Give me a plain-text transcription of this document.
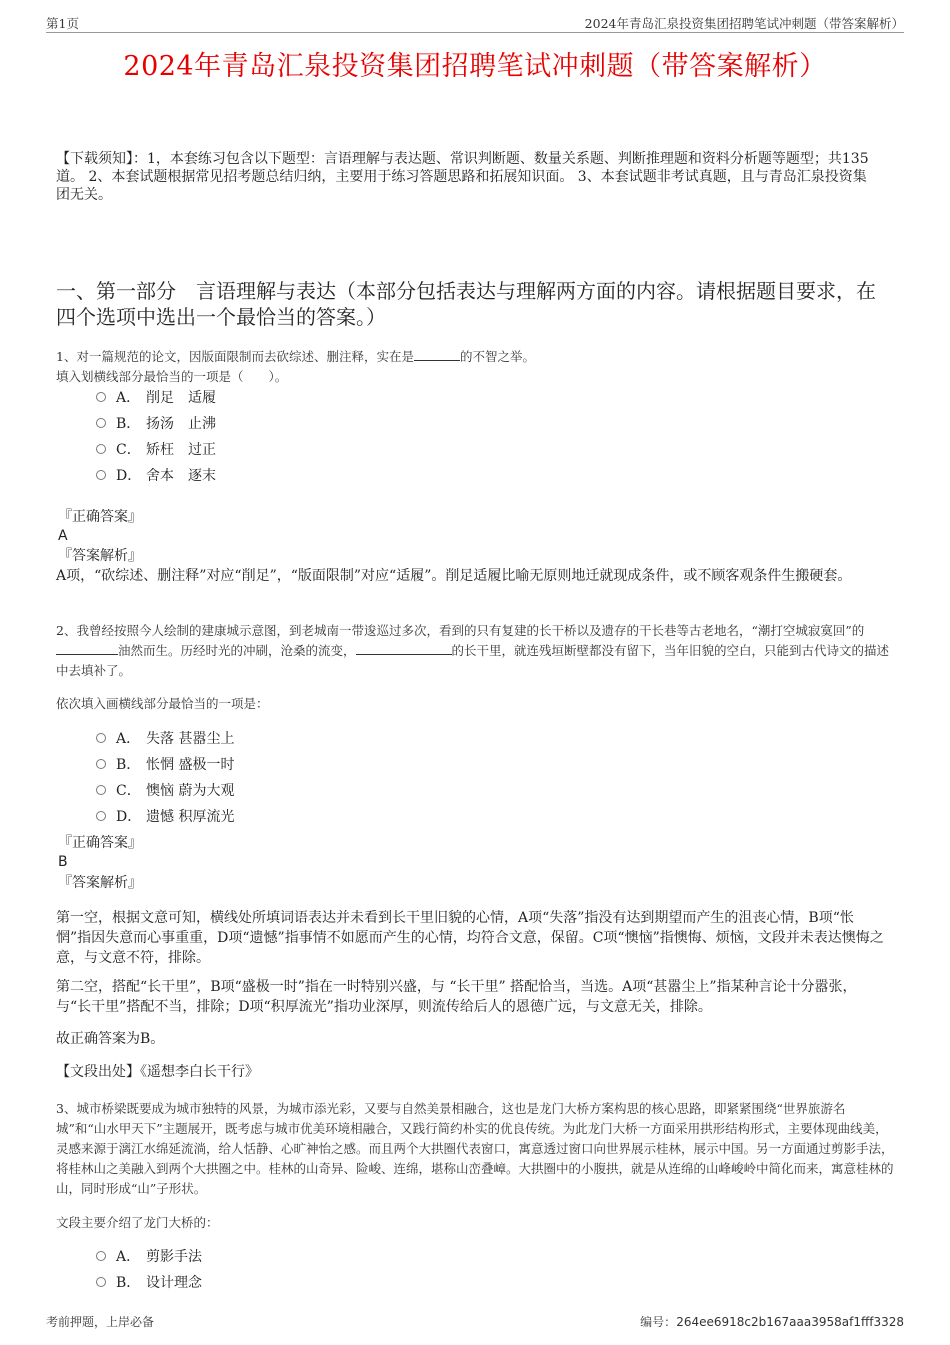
第1页	2024年青岛汇泉投资集团招聘笔试冲刺题（带答案解析）
2024年青岛汇泉投资集团招聘笔试冲刺题（带答案解析）
【下载须知】：1，本套练习包含以下题型：言语理解与表达题、常识判断题、数量关系题、判断推理题和资料分析题等题型；共135道。 2、本套试题根据常见招考题总结归纳，主要用于练习答题思路和拓展知识面。 3、本套试题非考试真题，且与青岛汇泉投资集团无关。
一、第一部分　言语理解与表达（本部分包括表达与理解两方面的内容。请根据题目要求，在四个选项中选出一个最恰当的答案。）
1、对一篇规范的论文，因版面限制而去砍综述、删注释，实在是	的不智之举。
填入划横线部分最恰当的一项是（　　）。
A． 削足　适履
B． 扬汤　止沸
C． 矫枉　过正
D． 舍本　逐末
『正确答案』
A
『答案解析』
A项，“砍综述、删注释”对应“削足”，“版面限制”对应“适履”。削足适履比喻无原则地迁就现成条件，或不顾客观条件生搬硬套。
2、我曾经按照今人绘制的建康城示意图，到老城南一带逡巡过多次，看到的只有复建的长干桥以及遗存的干长巷等古老地名，“潮打空城寂寞回”的油然而生。历经时光的冲刷，沧桑的流变，	的长干里，就连残垣断壁都没有留下，当年旧貌的空白，只能到古代诗文的描述中去填补了。
依次填入画横线部分最恰当的一项是：
A． 失落 甚嚣尘上
B． 怅惘 盛极一时
C． 懊恼 蔚为大观
D． 遗憾 积厚流光
『正确答案』
B
『答案解析』
第一空，根据文意可知，横线处所填词语表达并未看到长干里旧貌的心情，A项“失落”指没有达到期望而产生的沮丧心情，B项“怅惘”指因失意而心事重重，D项“遗憾”指事情不如愿而产生的心情，均符合文意，保留。C项“懊恼”指懊悔、烦恼，文段并未表达懊悔之意，与文意不符，排除。
第二空，搭配“长干里”，B项“盛极一时”指在一时特别兴盛，与 “长干里” 搭配恰当，当选。A项“甚嚣尘上”指某种言论十分嚣张，与“长干里”搭配不当，排除；D项“积厚流光”指功业深厚，则流传给后人的恩德广远，与文意无关，排除。
故正确答案为B。
【文段出处】《遥想李白长干行》
3、城市桥梁既要成为城市独特的风景，为城市添光彩，又要与自然美景相融合，这也是龙门大桥方案构思的核心思路，即紧紧围绕“世界旅游名城”和“山水甲天下”主题展开，既考虑与城市优美环境相融合，又践行简约朴实的优良传统。为此龙门大桥一方面采用拱形结构形式，主要体现曲线美，灵感来源于漓江水绵延流淌，给人恬静、心旷神怡之感。而且两个大拱圈代表窗口，寓意透过窗口向世界展示桂林，展示中国。另一方面通过剪影手法，将桂林山之美融入到两个大拱圈之中。桂林的山奇异、险峻、连绵，堪称山峦叠嶂。大拱圈中的小腹拱，就是从连绵的山峰峻岭中简化而来，寓意桂林的山，同时形成“山”子形状。
文段主要介绍了龙门大桥的：
A． 剪影手法
B． 设计理念
考前押题，上岸必备	编号：264ee6918c2b167aaa3958af1fff3328
